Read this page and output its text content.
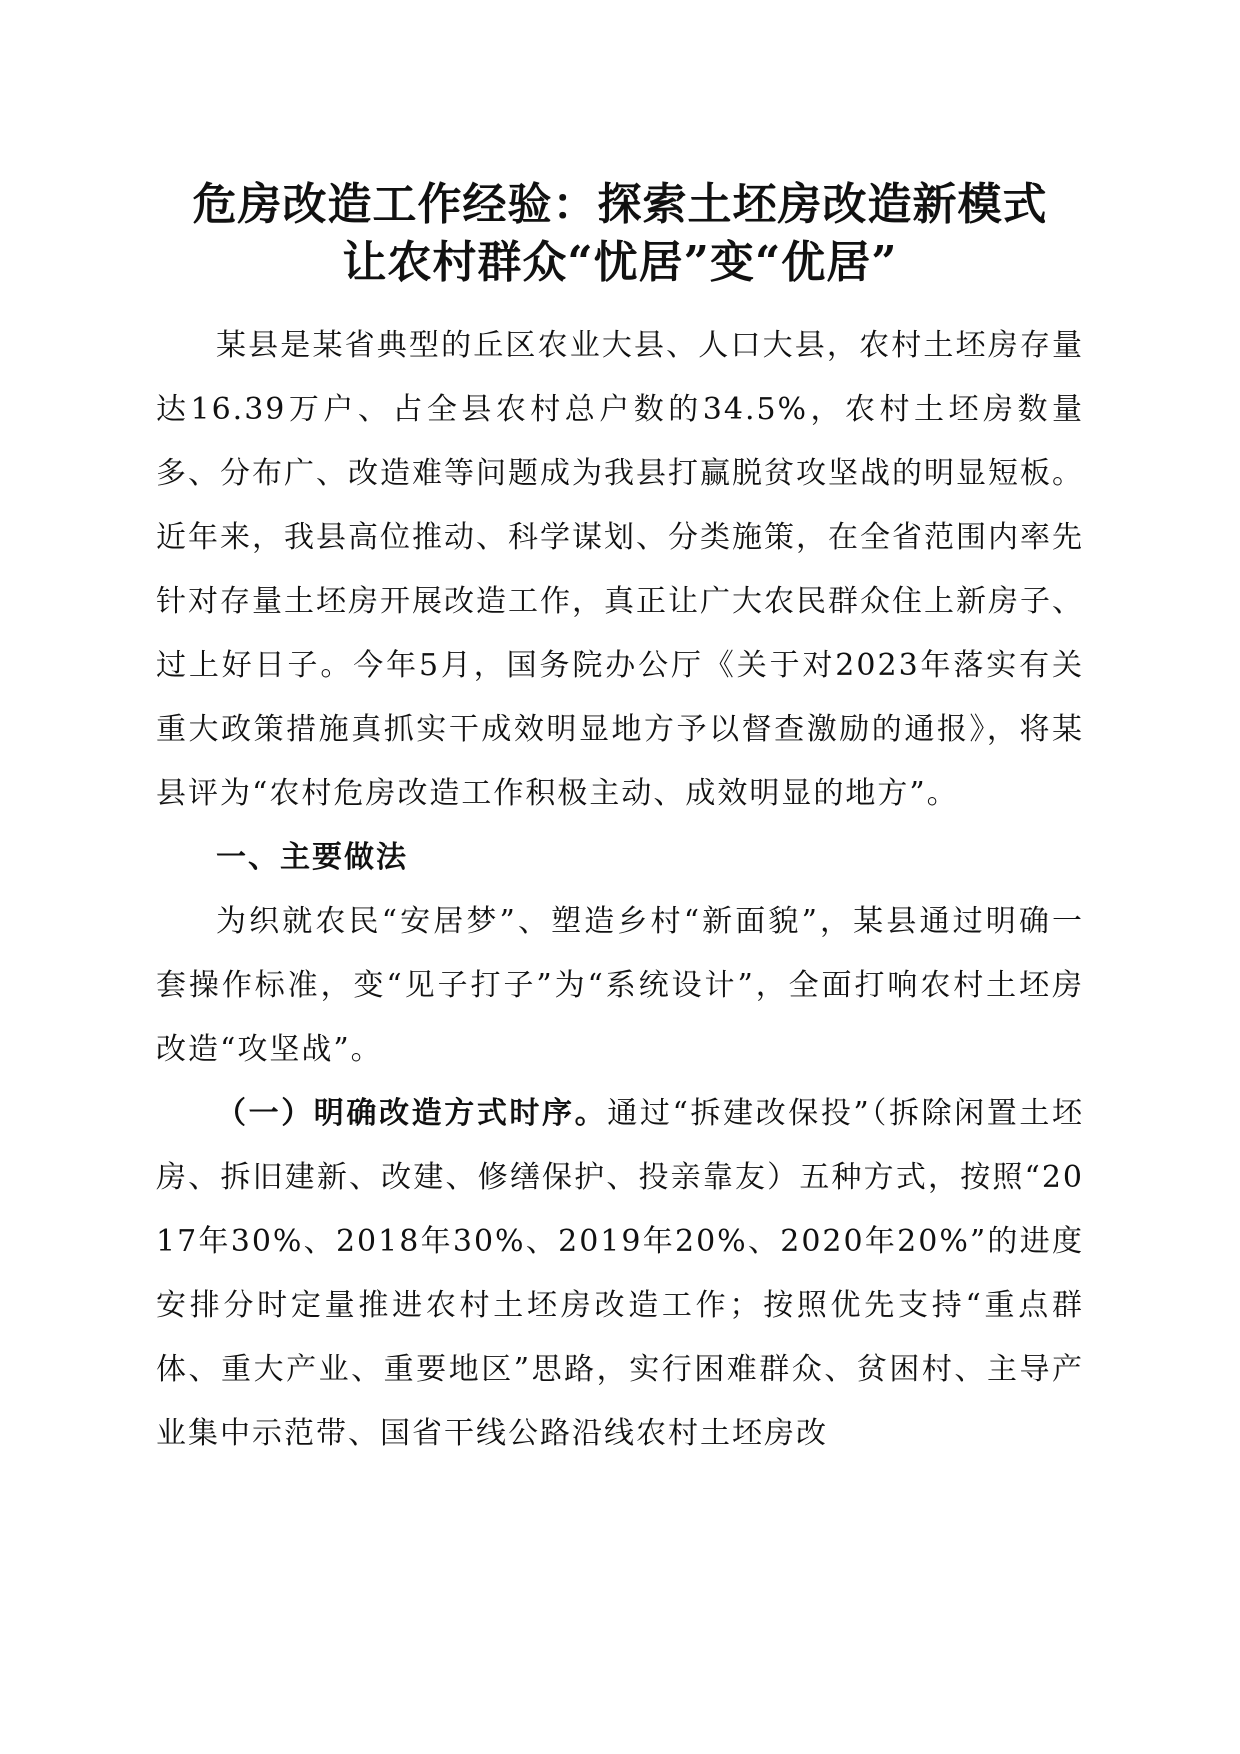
危房改造工作经验：探索土坯房改造新模式
让农村群众“忧居”变“优居”

某县是某省典型的丘区农业大县、人口大县，农村土坯房存量达16.39万户、占全县农村总户数的34.5%，农村土坯房数量多、分布广、改造难等问题成为我县打赢脱贫攻坚战的明显短板。近年来，我县高位推动、科学谋划、分类施策，在全省范围内率先针对存量土坯房开展改造工作，真正让广大农民群众住上新房子、过上好日子。今年5月，国务院办公厅《关于对2023年落实有关重大政策措施真抓实干成效明显地方予以督查激励的通报》，将某县评为“农村危房改造工作积极主动、成效明显的地方”。

一、主要做法

为织就农民“安居梦”、塑造乡村“新面貌”，某县通过明确一套操作标准，变“见子打子”为“系统设计”，全面打响农村土坯房改造“攻坚战”。

（一）明确改造方式时序。通过“拆建改保投”（拆除闲置土坯房、拆旧建新、改建、修缮保护、投亲靠友）五种方式，按照“2017年30%、2018年30%、2019年20%、2020年20%”的进度安排分时定量推进农村土坯房改造工作；按照优先支持“重点群体、重大产业、重要地区”思路，实行困难群众、贫困村、主导产业集中示范带、国省干线公路沿线农村土坯房改
